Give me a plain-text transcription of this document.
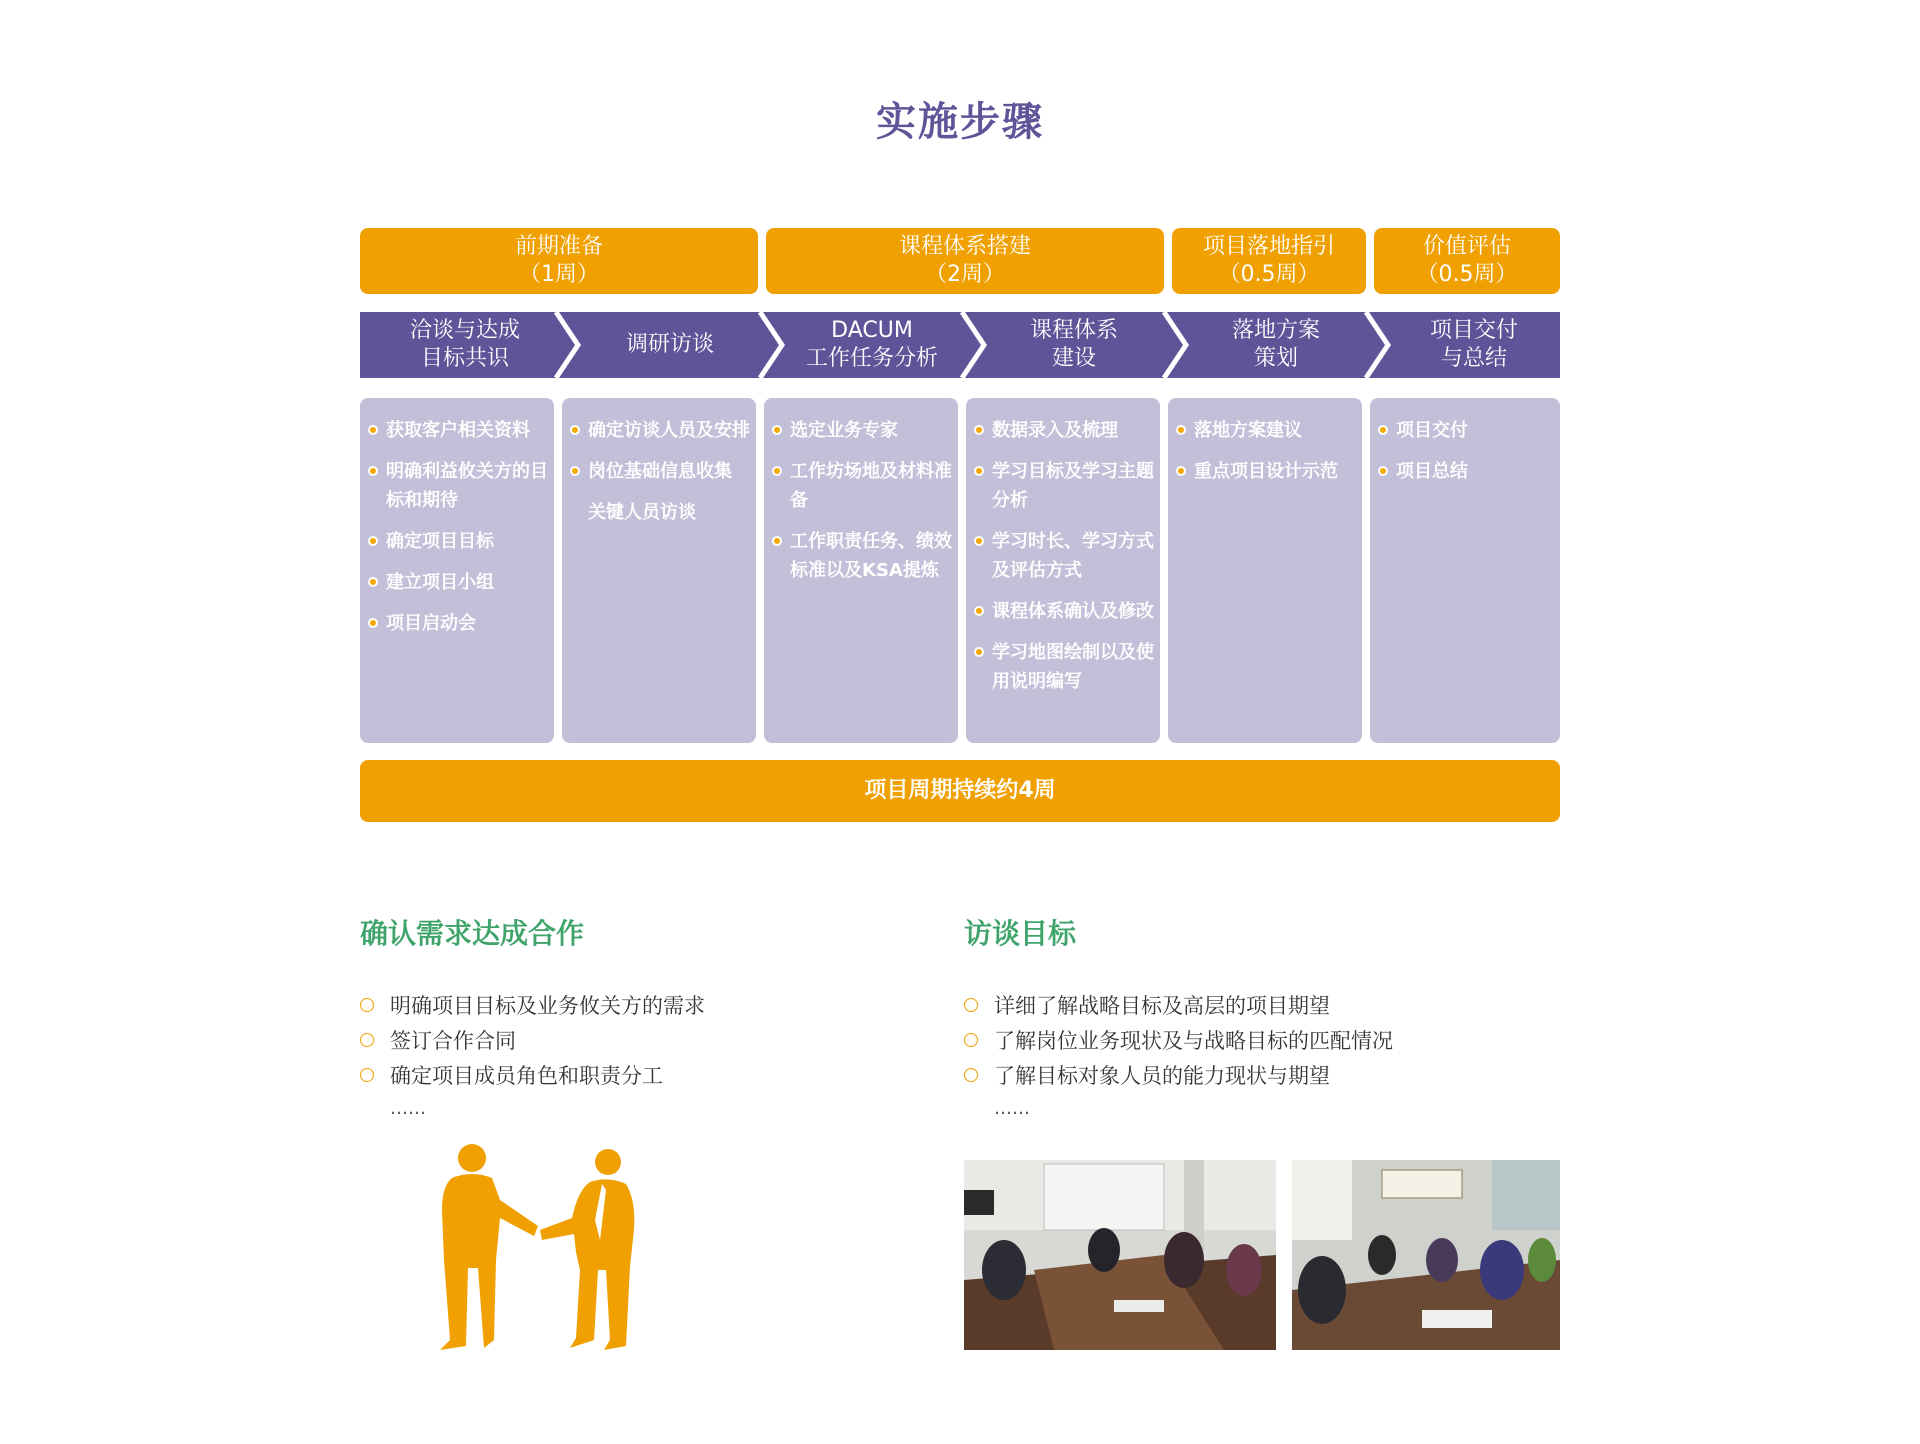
实施步骤
前期准备
（1周）
课程体系搭建
（2周）
项目落地指引
（0.5周）
价值评估
（0.5周）
洽谈与达成
目标共识
调研访谈
DACUM
工作任务分析
课程体系
建设
落地方案
策划
项目交付
与总结
获取客户相关资料
明确利益攸关方的目标和期待
确定项目目标
建立项目小组
项目启动会
确定访谈人员及安排
岗位基础信息收集
关键人员访谈
选定业务专家
工作坊场地及材料准备
工作职责任务、绩效标准以及KSA提炼
数据录入及梳理
学习目标及学习主题分析
学习时长、学习方式及评估方式
课程体系确认及修改
学习地图绘制以及使用说明编写
落地方案建议
重点项目设计示范
项目交付
项目总结
项目周期持续约4周
确认需求达成合作
明确项目目标及业务攸关方的需求
签订合作合同
确定项目成员角色和职责分工
……
访谈目标
详细了解战略目标及高层的项目期望
了解岗位业务现状及与战略目标的匹配情况
了解目标对象人员的能力现状与期望
……
